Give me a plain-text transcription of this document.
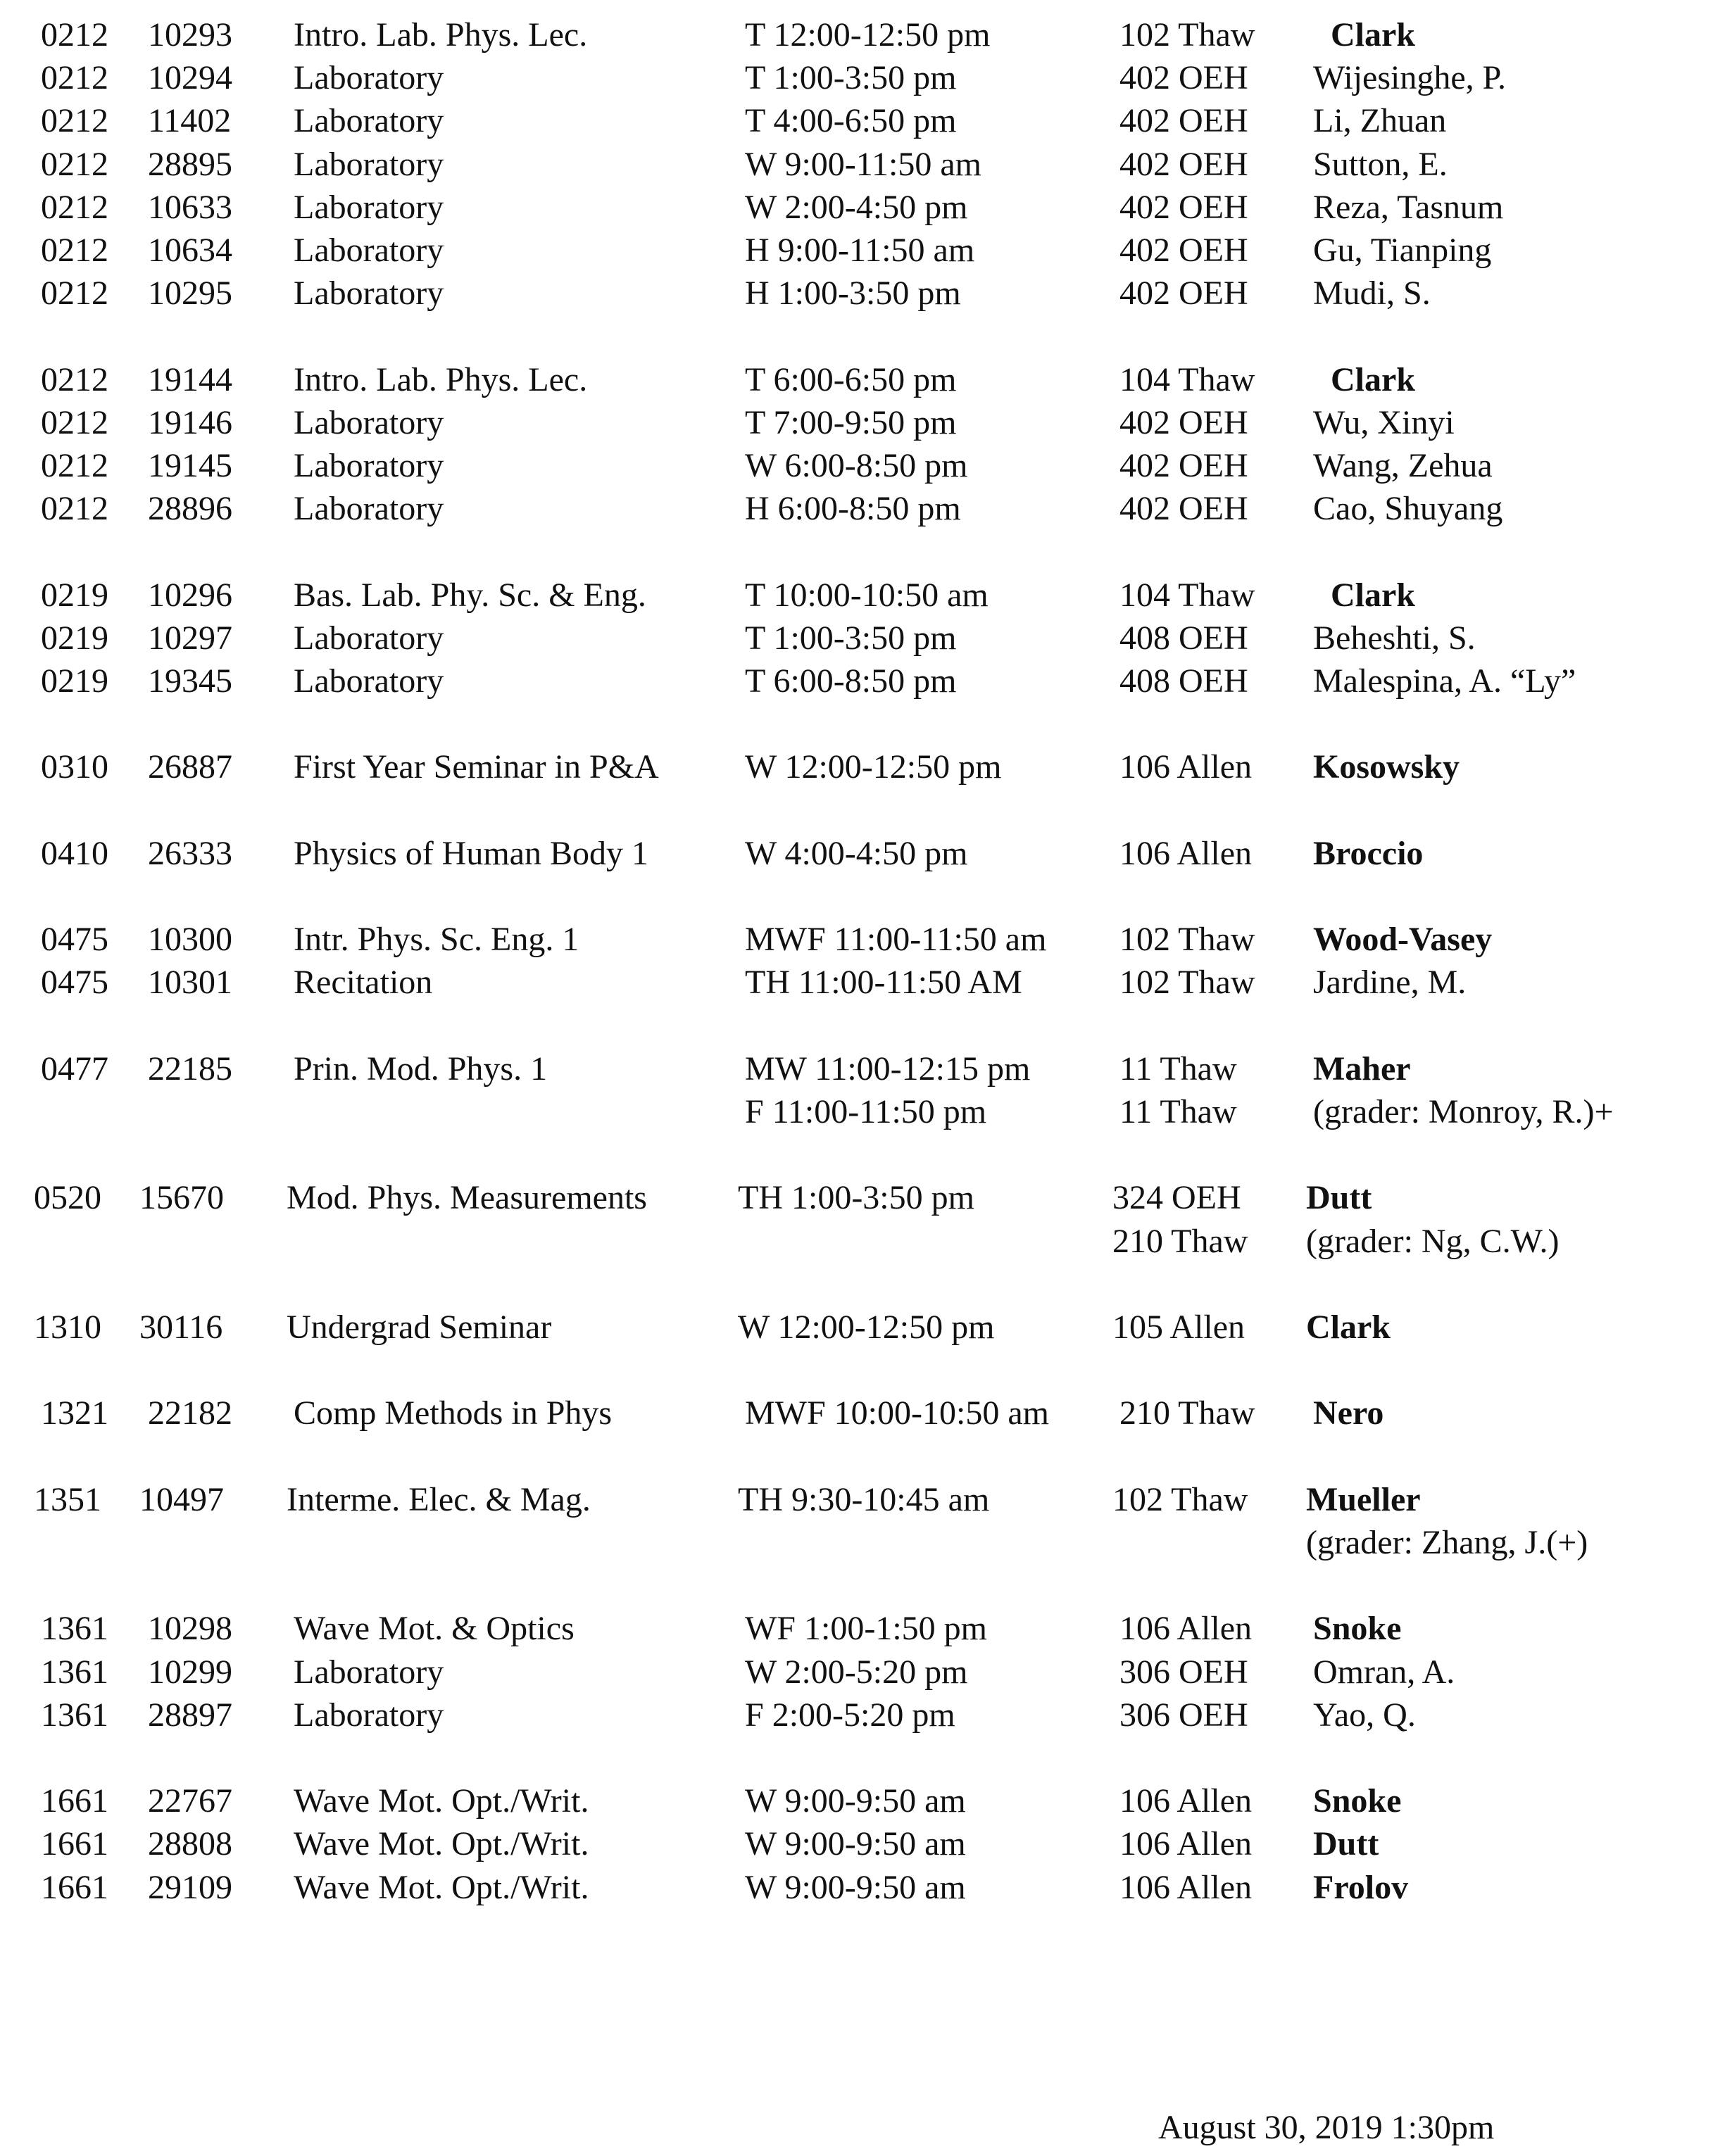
0212 10293 Intro. Lab. Phys. Lec.	T 12:00-12:50 pm	102 Thaw Clark
0212 10294 Laboratory	T 1:00-3:50 pm	402 OEH Wijesinghe, P.
0212 11402 Laboratory	T 4:00-6:50 pm	402 OEH Li, Zhuan
0212 28895 Laboratory	W 9:00-11:50 am	402 OEH Sutton, E.
0212 10633 Laboratory	W 2:00-4:50 pm	402 OEH Reza, Tasnum
0212 10634 Laboratory	H 9:00-11:50 am	402 OEH Gu, Tianping
0212 10295 Laboratory	H 1:00-3:50 pm	402 OEH Mudi, S.
0212 19144 Intro. Lab. Phys. Lec.	T 6:00-6:50 pm	104 Thaw Clark
0212 19146 Laboratory	T 7:00-9:50 pm	402 OEH Wu, Xinyi
0212 19145 Laboratory	W 6:00-8:50 pm	402 OEH Wang, Zehua
0212 28896 Laboratory	H 6:00-8:50 pm	402 OEH Cao, Shuyang
0219 10296 Bas. Lab. Phy. Sc. & Eng.	T 10:00-10:50 am	104 Thaw Clark
0219 10297 Laboratory	T 1:00-3:50 pm	408 OEH Beheshti, S.
0219 19345 Laboratory	T 6:00-8:50 pm	408 OEH Malespina, A. “Ly”
0310 26887 First Year Seminar in P&A	W 12:00-12:50 pm	106 Allen Kosowsky
0410 26333 Physics of Human Body 1	W 4:00-4:50 pm	106 Allen Broccio
0475 10300 Intr. Phys. Sc. Eng. 1	MWF 11:00-11:50 am 102 Thaw Wood-Vasey
0475 10301 Recitation	TH 11:00-11:50 AM	102 Thaw Jardine, M.
0477 22185 Prin. Mod. Phys. 1	MW 11:00-12:15 pm	11 Thaw Maher
F 11:00-11:50 pm	11 Thaw (grader: Monroy, R.)+
0520 15670 Mod. Phys. Measurements	TH 1:00-3:50 pm	324 OEH Dutt
210 Thaw (grader: Ng, C.W.)
1310 30116 Undergrad Seminar	W 12:00-12:50 pm	105 Allen Clark
1321 22182 Comp Methods in Phys	MWF 10:00-10:50 am 210 Thaw Nero
1351 10497 Interme. Elec. & Mag.	TH 9:30-10:45 am	102 Thaw Mueller
(grader: Zhang, J.(+)
1361 10298 Wave Mot. & Optics	WF 1:00-1:50 pm	106 Allen Snoke
1361 10299 Laboratory	W 2:00-5:20 pm	306 OEH Omran, A.
1361 28897 Laboratory	F 2:00-5:20 pm	306 OEH Yao, Q.
1661 22767 Wave Mot. Opt./Writ.	W 9:00-9:50 am	106 Allen Snoke
1661 28808 Wave Mot. Opt./Writ.	W 9:00-9:50 am	106 Allen Dutt
1661 29109 Wave Mot. Opt./Writ.	W 9:00-9:50 am	106 Allen Frolov
August 30, 2019 1:30pm
